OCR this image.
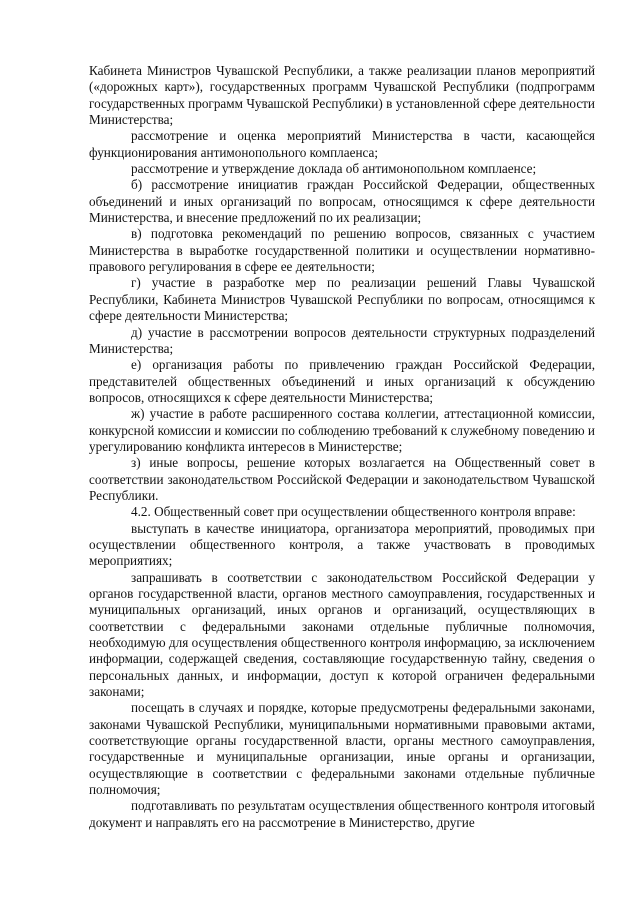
Кабинета Министров Чувашской Республики, а также реализации планов мероприятий («дорожных карт»), государственных программ Чувашской Республики (подпрограмм государственных программ Чувашской Республики) в установленной сфере деятельности Министерства;

рассмотрение и оценка мероприятий Министерства в части, касающейся функционирования антимонопольного комплаенса;

рассмотрение и утверждение доклада об антимонопольном комплаенсе;

б) рассмотрение инициатив граждан Российской Федерации, общественных объединений и иных организаций по вопросам, относящимся к сфере деятельности Министерства, и внесение предложений по их реализации;

в) подготовка рекомендаций по решению вопросов, связанных с участием Министерства в выработке государственной политики и осуществлении нормативно-правового регулирования в сфере ее деятельности;

г) участие в разработке мер по реализации решений Главы Чувашской Республики, Кабинета Министров Чувашской Республики по вопросам, относящимся к сфере деятельности Министерства;

д) участие в рассмотрении вопросов деятельности структурных подразделений Министерства;

е) организация работы по привлечению граждан Российской Федерации, представителей общественных объединений и иных организаций к обсуждению вопросов, относящихся к сфере деятельности Министерства;

ж) участие в работе расширенного состава коллегии, аттестационной комиссии, конкурсной комиссии и комиссии по соблюдению требований к служебному поведению и урегулированию конфликта интересов в Министерстве;

з) иные вопросы, решение которых возлагается на Общественный совет в соответствии законодательством Российской Федерации и законодательством Чувашской Республики.

4.2. Общественный совет при осуществлении общественного контроля вправе:

выступать в качестве инициатора, организатора мероприятий, проводимых при осуществлении общественного контроля, а также участвовать в проводимых мероприятиях;

запрашивать в соответствии с законодательством Российской Федерации у органов государственной власти, органов местного самоуправления, государственных и муниципальных организаций, иных органов и организаций, осуществляющих в соответствии с федеральными законами отдельные публичные полномочия, необходимую для осуществления общественного контроля информацию, за исключением информации, содержащей сведения, составляющие государственную тайну, сведения о персональных данных, и информации, доступ к которой ограничен федеральными законами;

посещать в случаях и порядке, которые предусмотрены федеральными законами, законами Чувашской Республики, муниципальными нормативными правовыми актами, соответствующие органы государственной власти, органы местного самоуправления, государственные и муниципальные организации, иные органы и организации, осуществляющие в соответствии с федеральными законами отдельные публичные полномочия;

подготавливать по результатам осуществления общественного контроля итоговый документ и направлять его на рассмотрение в Министерство, другие
